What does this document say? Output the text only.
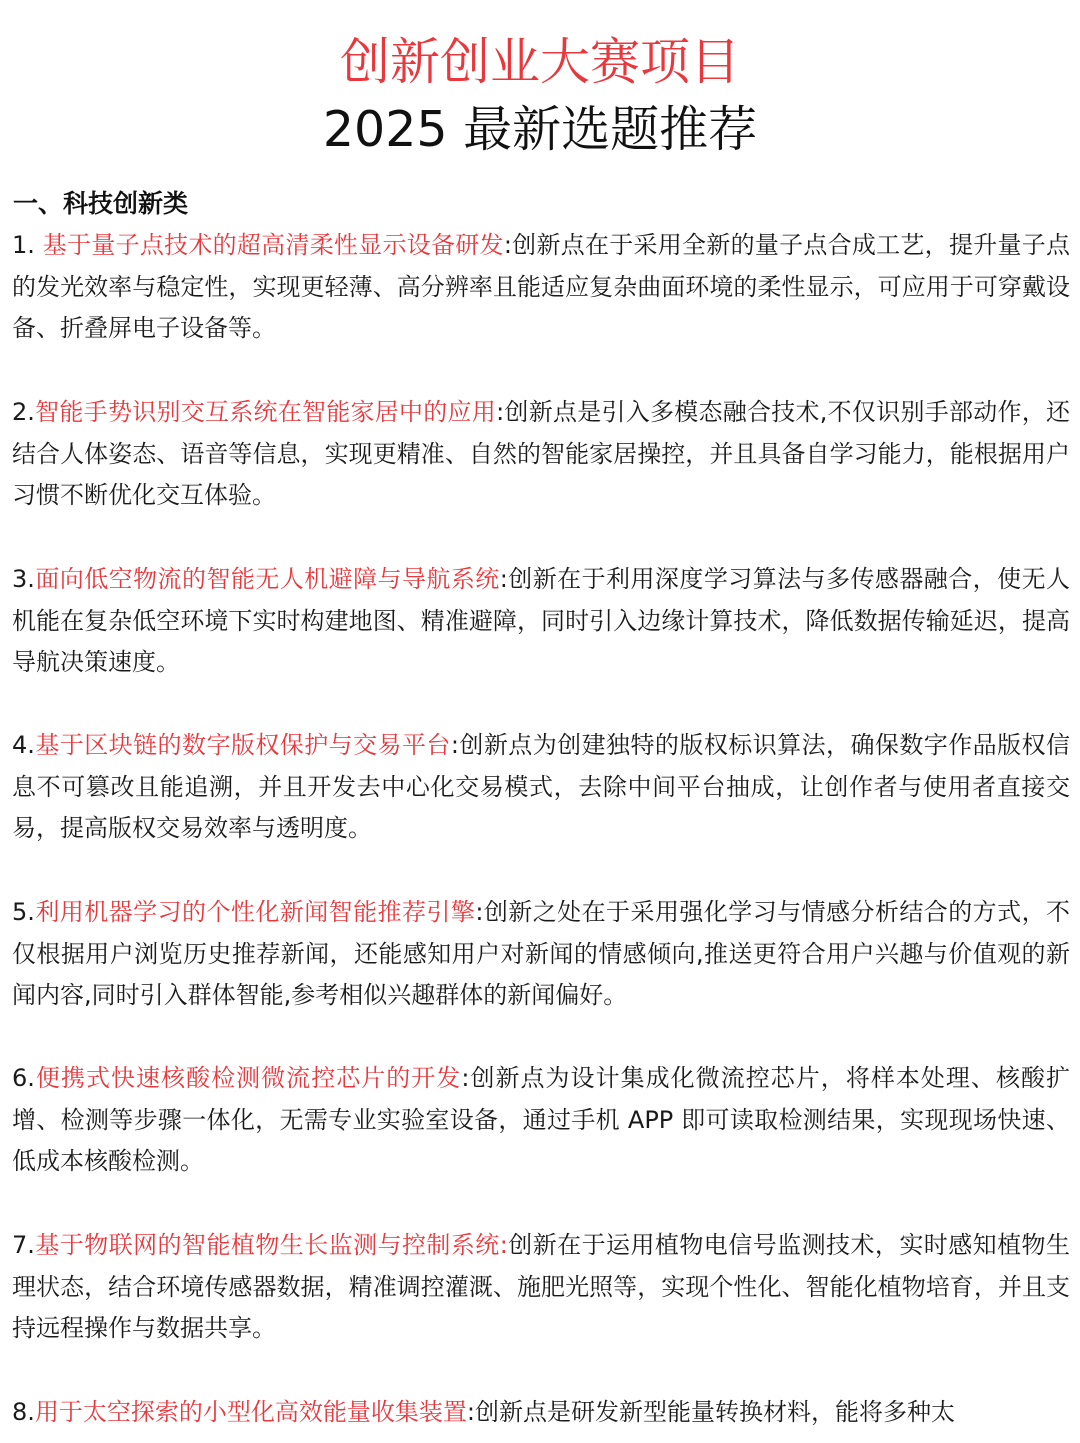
创新创业大赛项目
2025 最新选题推荐
一、科技创新类
1. 基于量子点技术的超高清柔性显示设备研发:创新点在于采用全新的量子点合成工艺，提升量子点的发光效率与稳定性，实现更轻薄、高分辨率且能适应复杂曲面环境的柔性显示，可应用于可穿戴设备、折叠屏电子设备等。
2.智能手势识别交互系统在智能家居中的应用:创新点是引入多模态融合技术,不仅识别手部动作，还结合人体姿态、语音等信息，实现更精准、自然的智能家居操控，并且具备自学习能力，能根据用户习惯不断优化交互体验。
3.面向低空物流的智能无人机避障与导航系统:创新在于利用深度学习算法与多传感器融合，使无人机能在复杂低空环境下实时构建地图、精准避障，同时引入边缘计算技术，降低数据传输延迟，提高导航决策速度。
4.基于区块链的数字版权保护与交易平台:创新点为创建独特的版权标识算法，确保数字作品版权信息不可篡改且能追溯，并且开发去中心化交易模式，去除中间平台抽成，让创作者与使用者直接交易，提高版权交易效率与透明度。
5.利用机器学习的个性化新闻智能推荐引擎:创新之处在于采用强化学习与情感分析结合的方式，不仅根据用户浏览历史推荐新闻，还能感知用户对新闻的情感倾向,推送更符合用户兴趣与价值观的新闻内容,同时引入群体智能,参考相似兴趣群体的新闻偏好。
6.便携式快速核酸检测微流控芯片的开发:创新点为设计集成化微流控芯片，将样本处理、核酸扩增、检测等步骤一体化，无需专业实验室设备，通过手机 APP 即可读取检测结果，实现现场快速、低成本核酸检测。
7.基于物联网的智能植物生长监测与控制系统:创新在于运用植物电信号监测技术，实时感知植物生理状态，结合环境传感器数据，精准调控灌溉、施肥光照等，实现个性化、智能化植物培育，并且支持远程操作与数据共享。
8.用于太空探索的小型化高效能量收集装置:创新点是研发新型能量转换材料，能将多种太
